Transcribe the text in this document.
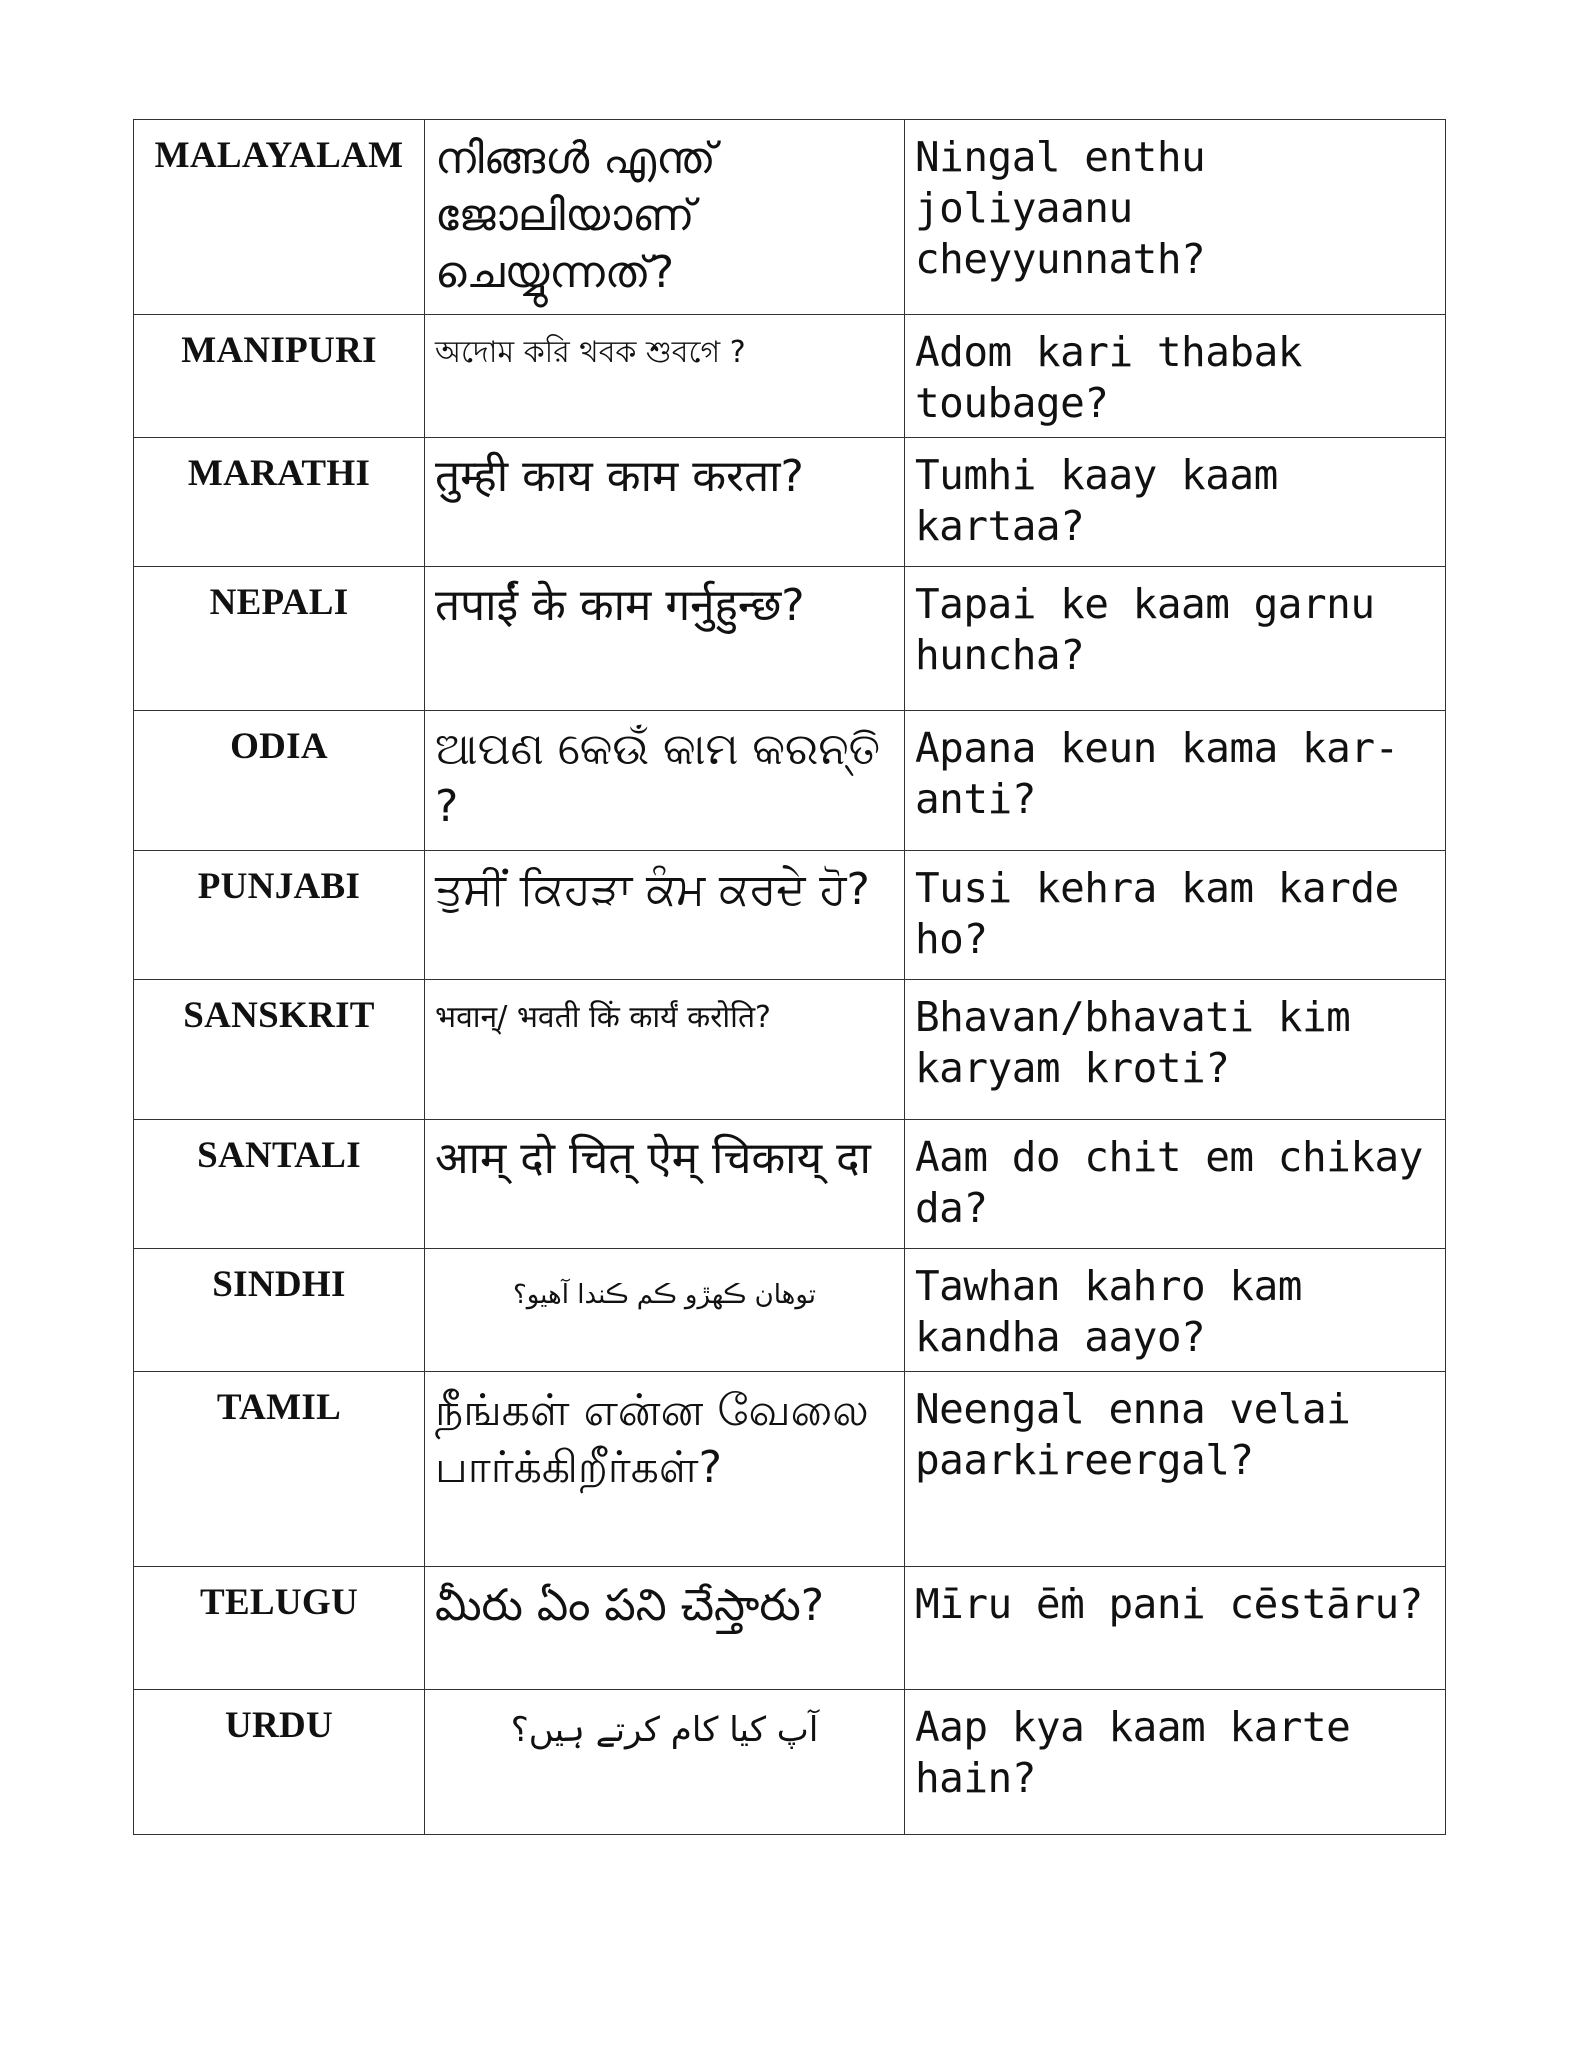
MALAYALAM	നിങ്ങൾ എന്ത് ജോലിയാണ് ചെയ്യുന്നത്?	Ningal enthu joliyaanu cheyyunnath?
MANIPURI	অদোম করি থবক শুবগে ?	Adom kari thabak toubage?
MARATHI	तुम्ही काय काम करता?	Tumhi kaay kaam kartaa?
NEPALI	तपाईं के काम गर्नुहुन्छ?	Tapai ke kaam garnu huncha?
ODIA	ଆପଣ କେଉଁ କାମ କରନ୍ତି ?	Apana keun kama kar-anti?
PUNJABI	ਤੁਸੀਂ ਕਿਹੜਾ ਕੰਮ ਕਰਦੇ ਹੋ?	Tusi kehra kam karde ho?
SANSKRIT	भवान्/ भवती किं कार्यं करोति?	Bhavan/bhavati kim karyam kroti?
SANTALI	आम् दो चित् ऐम् चिकाय् दा	Aam do chit em chikay da?
SINDHI	توهان ڪهڙو ڪم ڪندا آهيو؟	Tawhan kahro kam kandha aayo?
TAMIL	நீங்கள் என்ன வேலை பார்க்கிறீர்கள்?	Neengal enna velai paarkireergal?
TELUGU	మీరు ఏం పని చేస్తారు?	Mīru ēṁ pani cēstāru?
URDU	آپ کیا کام کرتے ہیں؟	Aap kya kaam karte hain?
